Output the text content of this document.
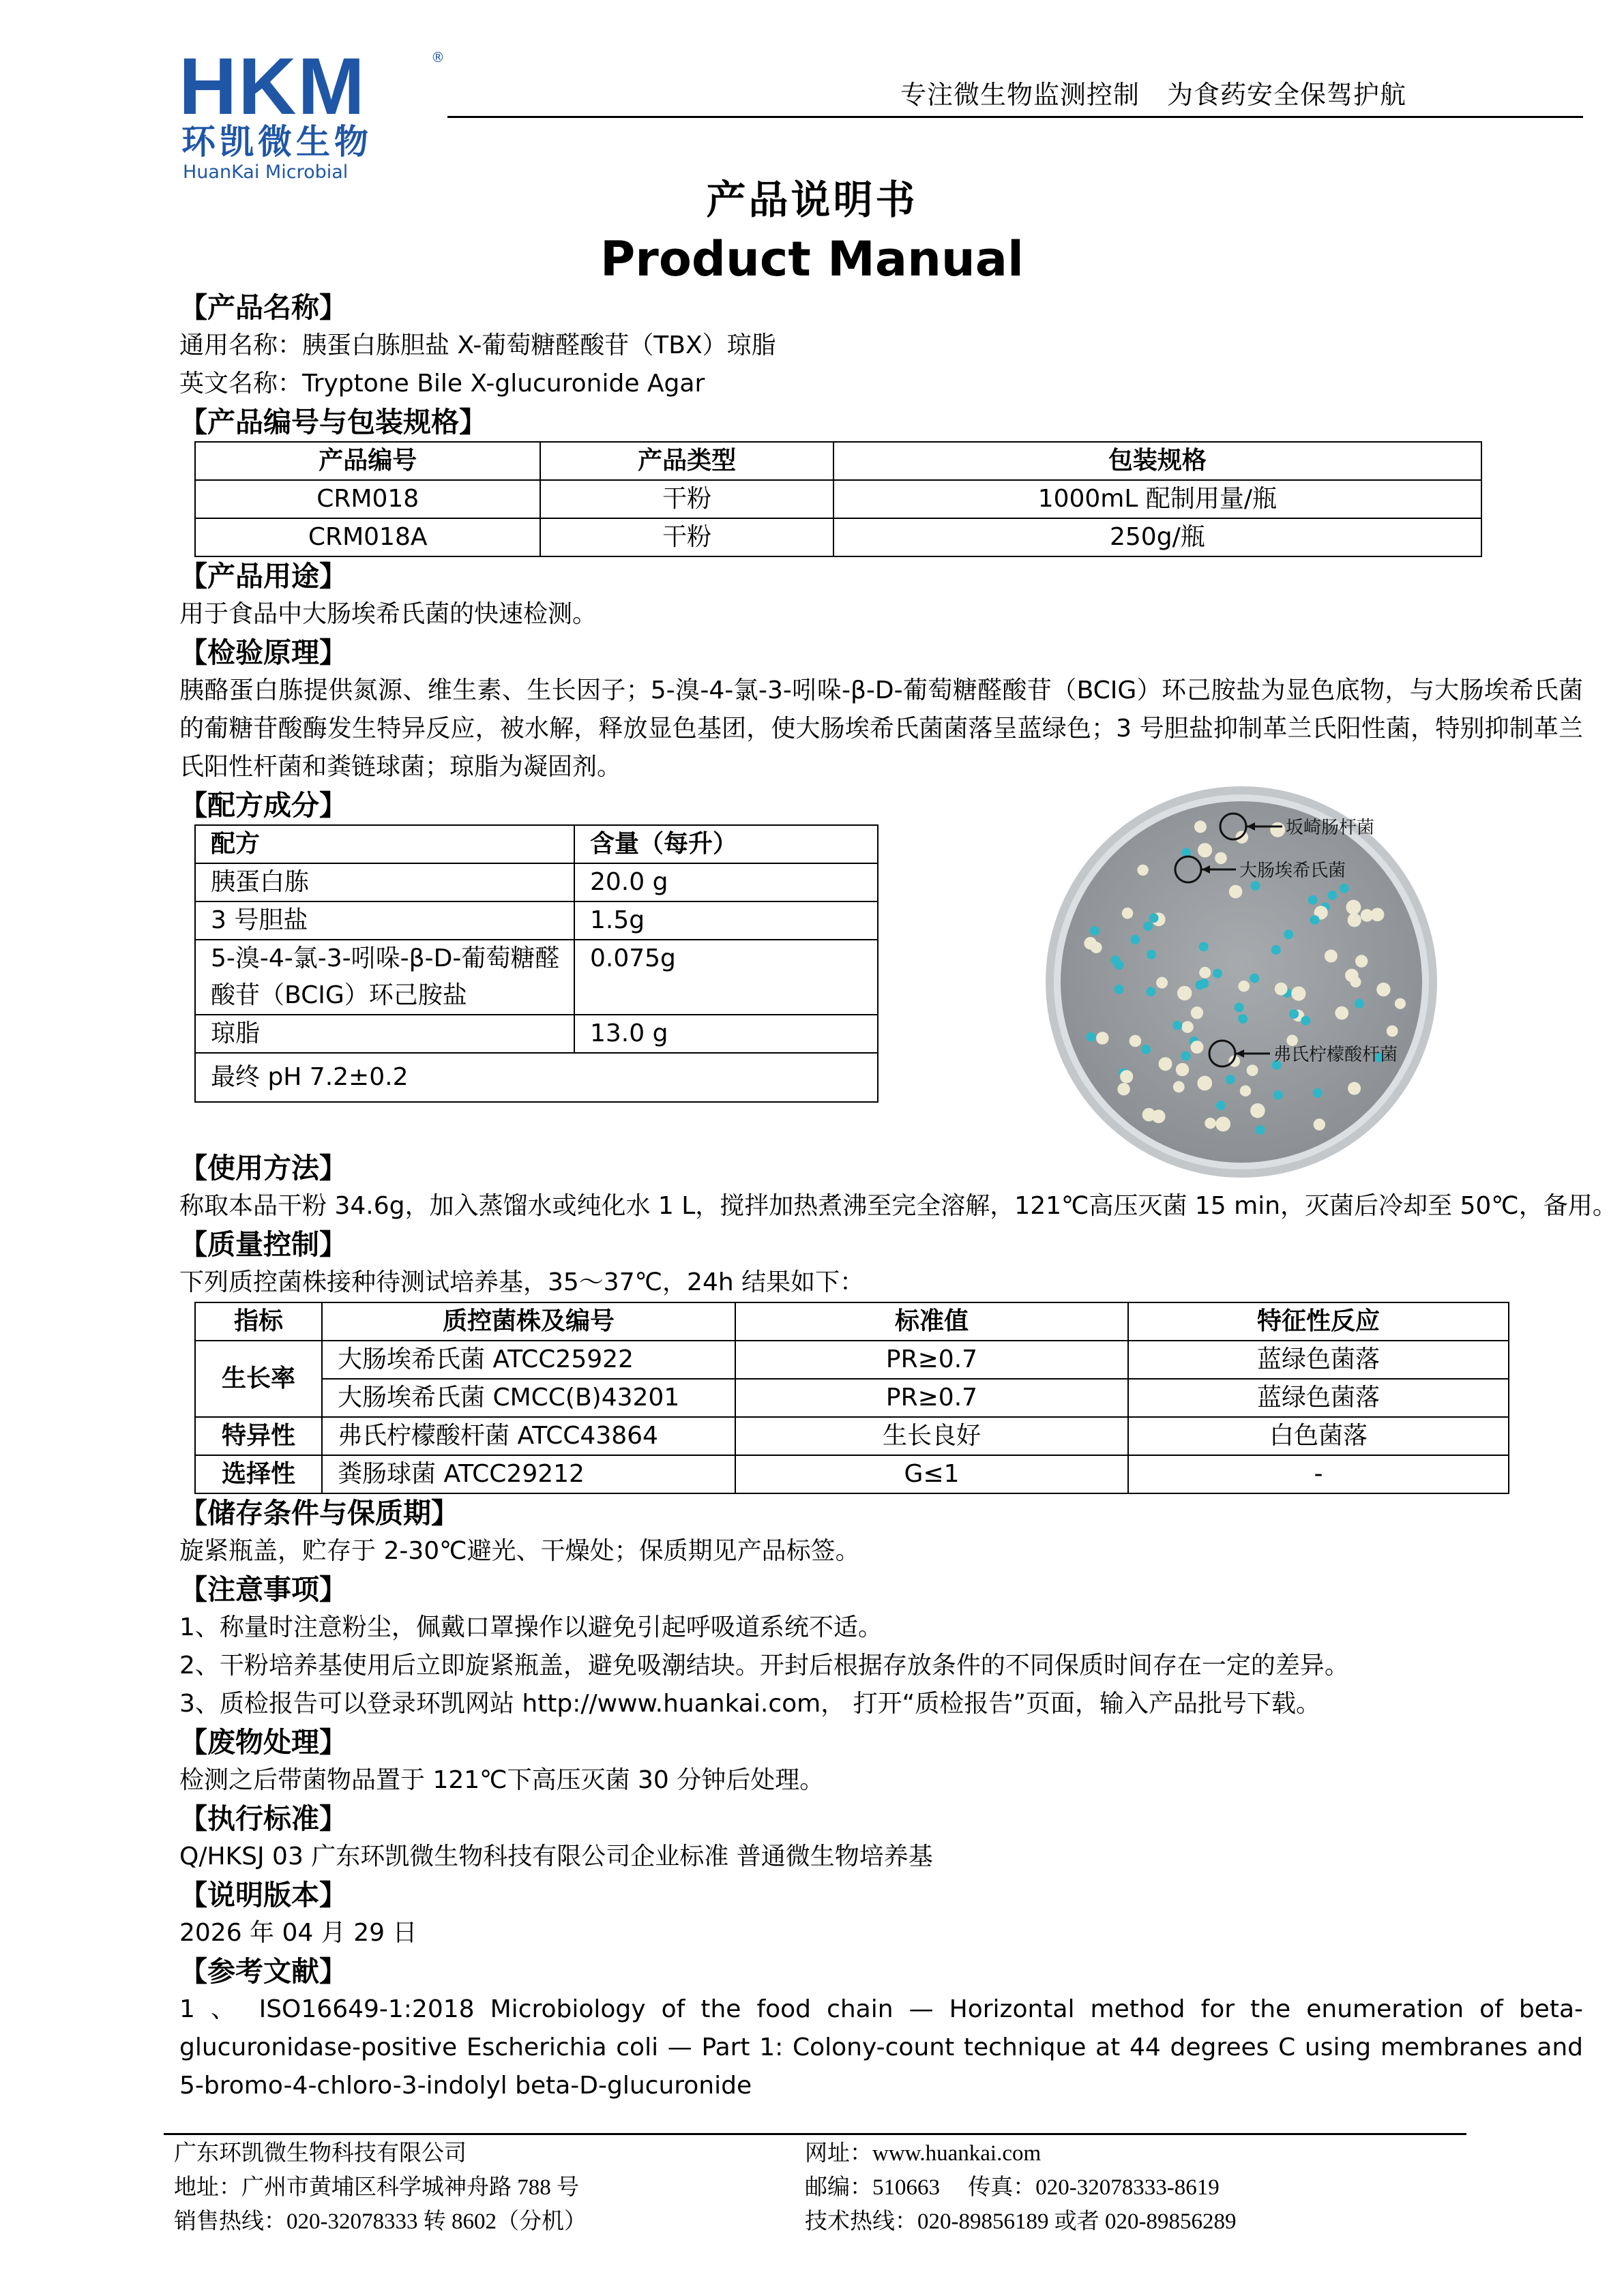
HKM	®
环凯微生物
HuanKai Microbial
专注微生物监测控制 为食药安全保驾护航
产品说明书
Product Manual
坂崎肠杆菌
大肠埃希氏菌
弗氏柠檬酸杆菌
【产品名称】
通用名称：胰蛋白胨胆盐 X-葡萄糖醛酸苷（TBX）琼脂
英文名称：Tryptone Bile X-glucuronide Agar
【产品编号与包装规格】
产品编号	产品类型	包装规格
CRM018	干粉	1000mL 配制用量/瓶
CRM018A	干粉	250g/瓶
【产品用途】
用于食品中大肠埃希氏菌的快速检测。
【检验原理】
胰酪蛋白胨提供氮源、维生素、生长因子；5-溴-4-氯-3-吲哚-β-D-葡萄糖醛酸苷（BCIG）环己胺盐为显色底物，与大肠埃希氏菌的葡糖苷酸酶发生特异反应，被水解，释放显色基团，使大肠埃希氏菌菌落呈蓝绿色；3 号胆盐抑制革兰氏阳性菌，特别抑制革兰氏阳性杆菌和粪链球菌；琼脂为凝固剂。
【配方成分】
配方	含量（每升）
胰蛋白胨	20.0 g
3 号胆盐	1.5g
5-溴-4-氯-3-吲哚-β-D-葡萄糖醛酸苷（BCIG）环己胺盐	0.075g
琼脂	13.0 g
最终 pH 7.2±0.2	
【使用方法】
称取本品干粉 34.6g，加入蒸馏水或纯化水 1 L，搅拌加热煮沸至完全溶解，121℃高压灭菌 15 min，灭菌后冷却至 50℃，备用。
【质量控制】
下列质控菌株接种待测试培养基，35～37℃，24h 结果如下：
指标	质控菌株及编号	标准值	特征性反应
生长率	大肠埃希氏菌 ATCC25922	PR≥0.7	蓝绿色菌落
	大肠埃希氏菌 CMCC(B)43201	PR≥0.7	蓝绿色菌落
特异性	弗氏柠檬酸杆菌 ATCC43864	生长良好	白色菌落
选择性	粪肠球菌 ATCC29212	G≤1	-
【储存条件与保质期】
旋紧瓶盖，贮存于 2-30℃避光、干燥处；保质期见产品标签。
【注意事项】
1、称量时注意粉尘，佩戴口罩操作以避免引起呼吸道系统不适。
2、干粉培养基使用后立即旋紧瓶盖，避免吸潮结块。开封后根据存放条件的不同保质时间存在一定的差异。
3、质检报告可以登录环凯网站 http://www.huankai.com， 打开“质检报告”页面，输入产品批号下载。
【废物处理】
检测之后带菌物品置于 121℃下高压灭菌 30 分钟后处理。
【执行标准】
Q/HKSJ 03 广东环凯微生物科技有限公司企业标准 普通微生物培养基
【说明版本】
2026 年 04 月 29 日
【参考文献】
1 、 ISO16649-1:2018 Microbiology of the food chain — Horizontal method for the enumeration of beta-glucuronidase-positive Escherichia coli — Part 1: Colony-count technique at 44 degrees C using membranes and 5-bromo-4-chloro-3-indolyl beta-D-glucuronide
广东环凯微生物科技有限公司
地址：广州市黄埔区科学城神舟路 788 号
销售热线：020-32078333 转 8602（分机）
网址：www.huankai.com
邮编：510663　 传真：020-32078333-8619
技术热线：020-89856189 或者 020-89856289
